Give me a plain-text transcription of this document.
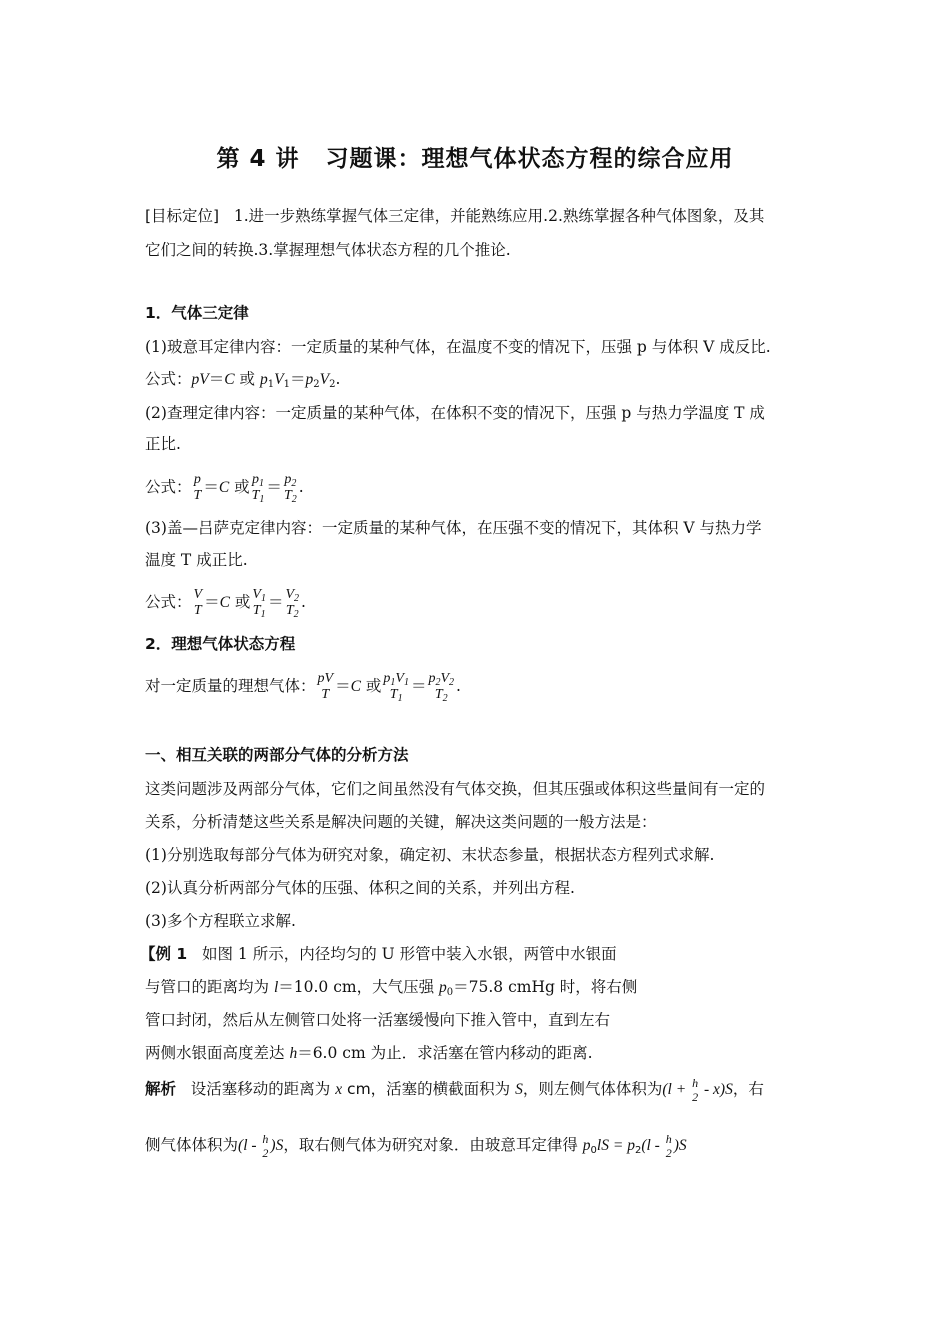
第 4 讲 习题课：理想气体状态方程的综合应用
[目标定位] 1.进一步熟练掌握气体三定律，并能熟练应用.2.熟练掌握各种气体图象，及其
它们之间的转换.3.掌握理想气体状态方程的几个推论.
1．气体三定律
(1)玻意耳定律内容：一定质量的某种气体，在温度不变的情况下，压强 p 与体积 V 成反比.
公式：pV＝C 或 $p_1V_1=p_2V_2$.
(2)查理定律内容：一定质量的某种气体，在体积不变的情况下，压强 p 与热力学温度 T 成
正比.
公式： p
T ＝C 或 $p_1$
$T_1$
＝ $p_2$
$T_2$
.
(3)盖—吕萨克定律内容：一定质量的某种气体，在压强不变的情况下，其体积 V 与热力学
温度 T 成正比.
公式： V
T ＝C 或 $V_1$
$T_1$
＝ $V_2$
$T_2$
.
2．理想气体状态方程
对一定质量的理想气体： pV
T ＝C 或 $p_1V_1$
$T_1$
＝ $p_2V_2$
$T_2$
.
一、相互关联的两部分气体的分析方法
这类问题涉及两部分气体，它们之间虽然没有气体交换，但其压强或体积这些量间有一定的
关系，分析清楚这些关系是解决问题的关键，解决这类问题的一般方法是：
(1)分别选取每部分气体为研究对象，确定初、末状态参量，根据状态方程列式求解.
(2)认真分析两部分气体的压强、体积之间的关系，并列出方程.
(3)多个方程联立求解.
【例 1 如图 1 所示，内径均匀的 U 形管中装入水银，两管中水银面
与管口的距离均为 l＝10.0 cm，大气压强 $p_0=75.8$ cmHg 时，将右侧
管口封闭，然后从左侧管口处将一活塞缓慢向下推入管中，直到左右
两侧水银面高度差达 h＝6.0 cm 为止．求活塞在管内移动的距离.
解析 设活塞移动的距离为 x cm，活塞的横截面积为 S，则左侧气体体积为(l + h
2 - x)S，右
侧气体体积为(l - h
2 )S，取右侧气体为研究对象．由玻意耳定律得 $p_0lS = p_2(l - h$
2 )S
